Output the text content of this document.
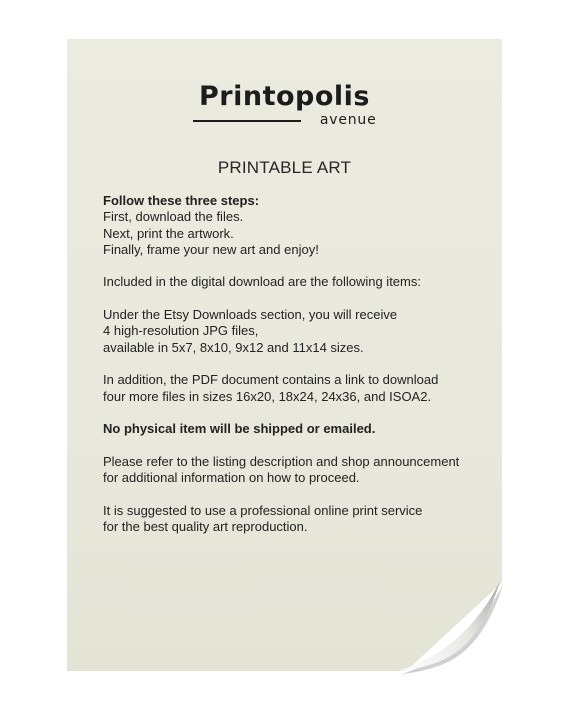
Printopolis
avenue
PRINTABLE ART
Follow these three steps:
First, download the files.
Next, print the artwork.
Finally, frame your new art and enjoy!
Included in the digital download are the following items:
Under the Etsy Downloads section, you will receive
4 high-resolution JPG files,
available in 5x7, 8x10, 9x12 and 11x14 sizes.
In addition, the PDF document contains a link to download
four more files in sizes 16x20, 18x24, 24x36, and ISOA2.
No physical item will be shipped or emailed.
Please refer to the listing description and shop announcement
for additional information on how to proceed.
It is suggested to use a professional online print service
for the best quality art reproduction.
